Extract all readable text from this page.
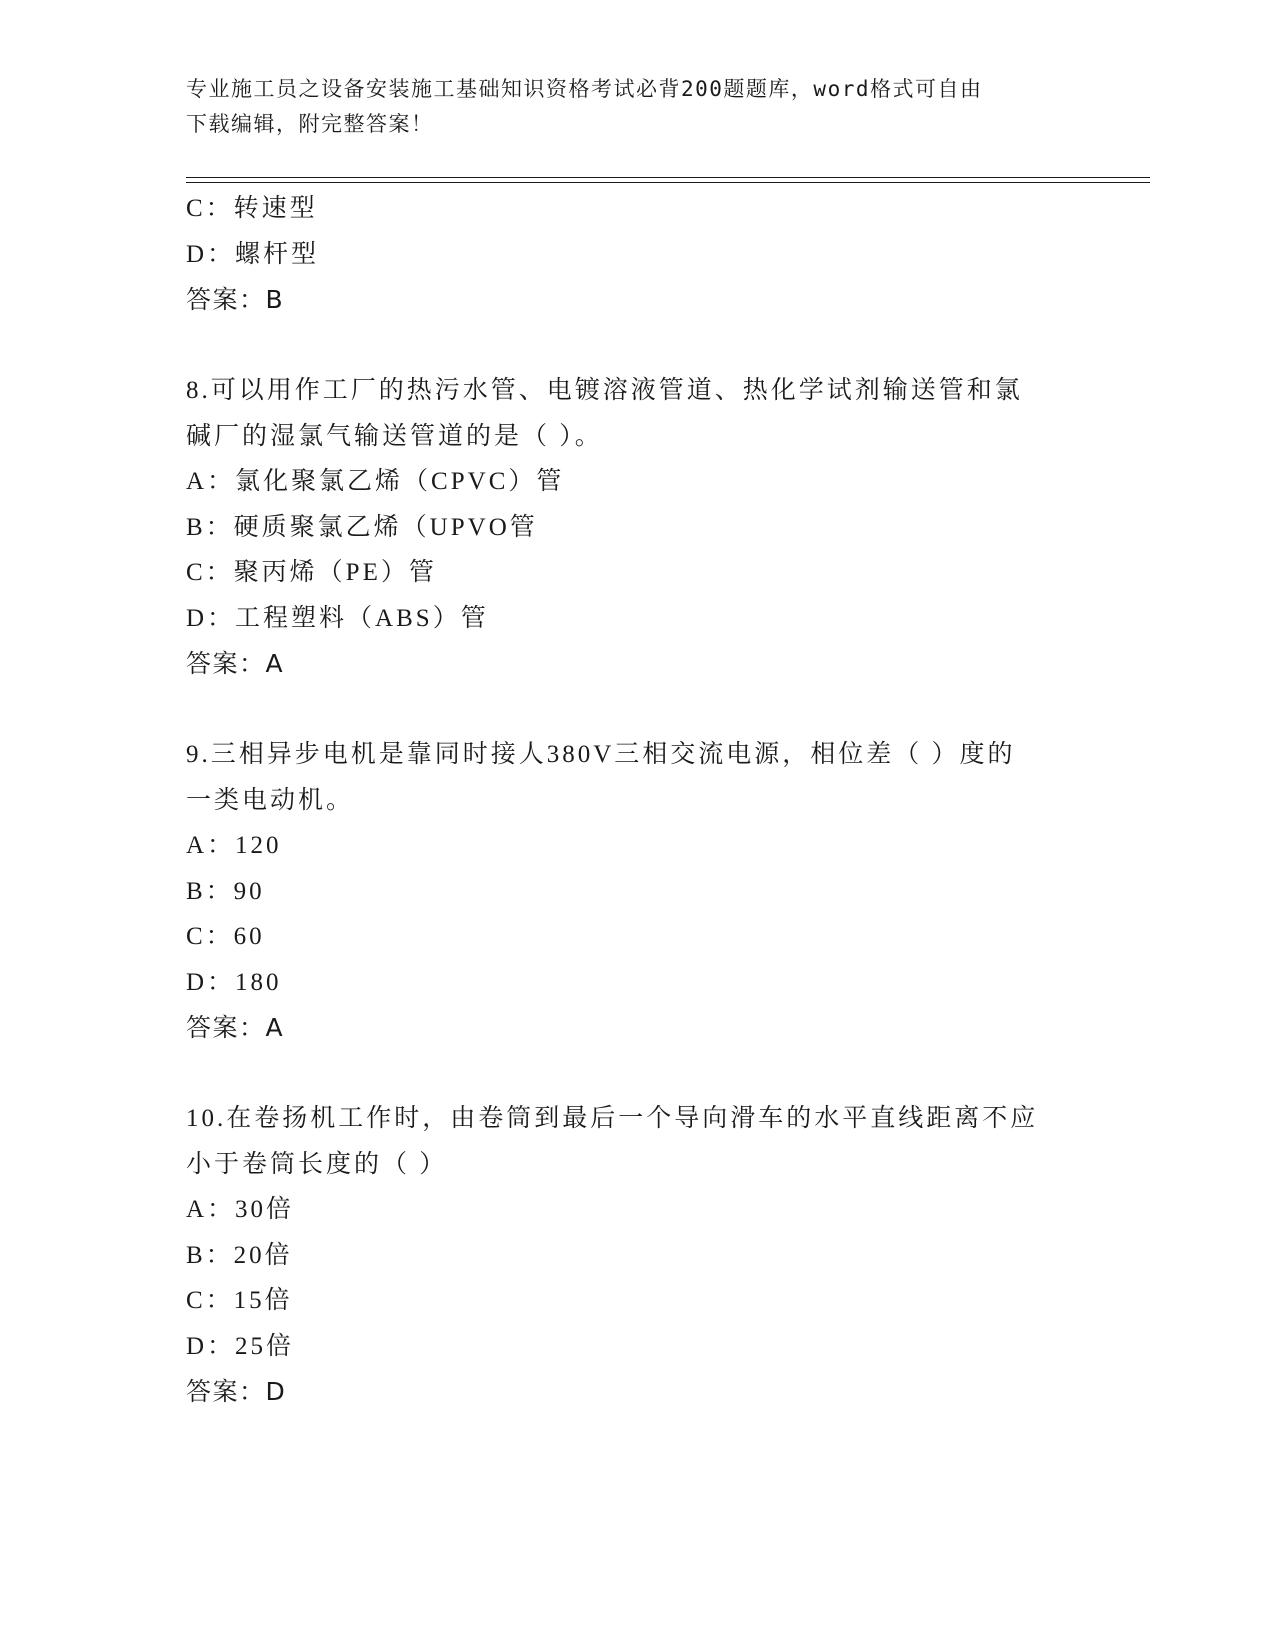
专业施工员之设备安装施工基础知识资格考试必背200题题库，word格式可自由
下载编辑，附完整答案！
C：转速型
D：螺杆型
答案：B
8.可以用作工厂的热污水管、电镀溶液管道、热化学试剂输送管和氯
碱厂的湿氯气输送管道的是（ ）。
A：氯化聚氯乙烯（CPVC）管
B：硬质聚氯乙烯（UPVO管
C：聚丙烯（PE）管
D：工程塑料（ABS）管
答案：A
9.三相异步电机是靠同时接人380V三相交流电源，相位差（ ）度的
一类电动机。
A：120
B：90
C：60
D：180
答案：A
10.在卷扬机工作时，由卷筒到最后一个导向滑车的水平直线距离不应
小于卷筒长度的（ ）
A：30倍
B：20倍
C：15倍
D：25倍
答案：D
